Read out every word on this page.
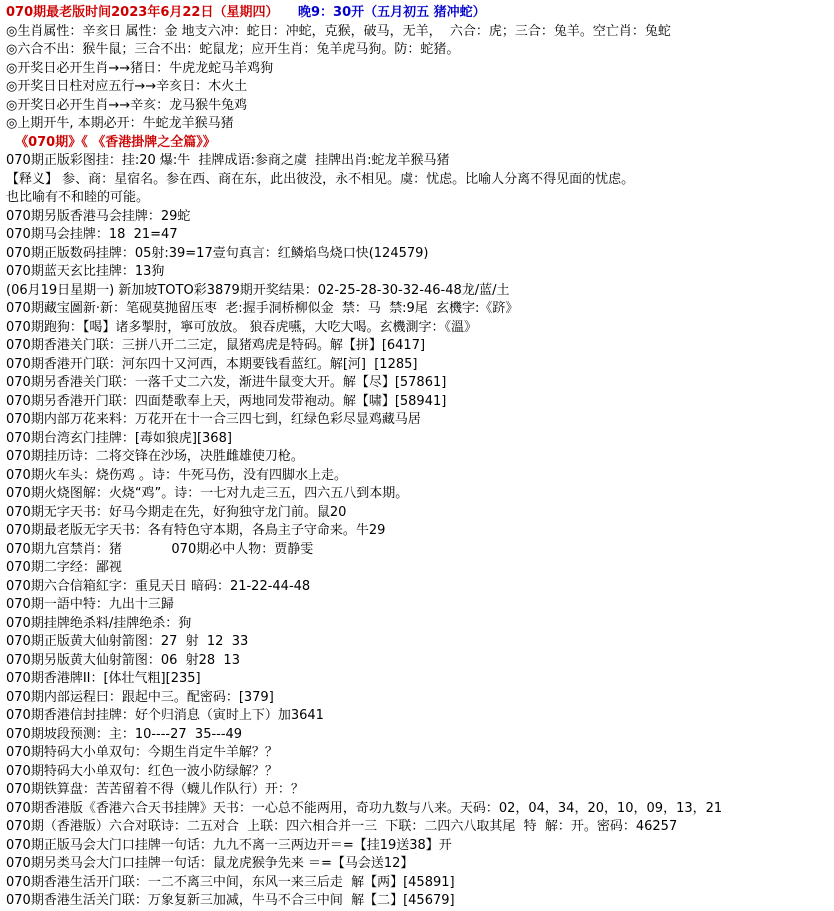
070期最老版时间2023年6月22日（星期四）　　 晚9：30开（五月初五 猪冲蛇）
◎生肖属性：辛亥日 属性：金 地支六冲：蛇日：冲蛇，克猴，破马，无羊，  六合：虎；三合：兔羊。空亡肖：兔蛇
◎六合不出：猴牛鼠；三合不出：蛇鼠龙；应开生肖：兔羊虎马狗。防：蛇猪。
◎开奖日必开生肖→→猪日：牛虎龙蛇马羊鸡狗
◎开奖日日柱对应五行→→辛亥日：木火土
◎开奖日必开生肖→→辛亥：龙马猴牛兔鸡
◎上期开牛, 本期必开：牛蛇龙羊猴马猪
《070期》《 《香港掛牌之全篇》》
070期正版彩图挂：挂:20 爆:牛  挂牌成语:参商之虞  挂牌出肖:蛇龙羊猴马猪
【释义】 参、商：星宿名。参在西、商在东，此出彼没，永不相见。虞：忧虑。比喻人分离不得见面的忧虑。
也比喻有不和睦的可能。
070期另版香港马会挂牌：29蛇
070期马会挂牌：18  21=47
070期正版数码挂牌：05射:39=17壹句真言：红鳞焰鸟烧口快(124579)
070期蓝天玄比挂牌：13狗
(06月19日星期一) 新加坡TOTO彩3879期开奖结果：02-25-28-30-32-46-48龙/蓝/土
070期藏宝圖新·新：笔砚莫抛留压枣  老:握手洞桥柳似金  禁：马  禁:9尾  玄機字:《跻》
070期跑狗：【喝】诸多掣肘，寧可放放。 狼吞虎嚥，大吃大喝。玄機測字：《溫》
070期香港关门联：三拼八开二三定，鼠猪鸡虎是特码。解【拼】[6417]
070期香港开门联：河东四十又河西，本期要钱看蓝红。解[河]  [1285]
070期另香港关门联：一落千丈二六发，渐进牛鼠变大开。解【尽】[57861]
070期另香港开门联：四面楚歌奉上天，两地同发带袍动。解【啸】[58941]
070期内部万花来料：万花开在十一合三四七到，红绿色彩尽显鸡藏马居
070期台湾玄门挂牌：[毒如狼虎][368]
070期挂历诗：二将交锋在沙场，决胜雌雄使刀枪。
070期火车头：烧伤鸡 。诗：牛死马伤，没有四脚水上走。
070期火烧图解：火烧“鸡”。诗：一七对九走三五，四六五八到本期。
070期无字天书：好马今期走在先，好狗独守龙门前。鼠20
070期最老版无字天书：各有特色守本期，各鳥主子守命来。牛29
070期九宫禁肖：猪            070期必中人物：贾静雯
070期二字经：鄙视
070期六合信箱紅字：重見天日 暗码：21-22-44-48
070期一語中特：九出十三歸
070期挂牌绝杀料/挂牌绝杀：狗
070期正版黄大仙射箭图：27  射  12  33
070期另版黄大仙射箭图：06  射28  13
070期香港牌II：[体壮气粗][235]
070期内部运程曰：跟起中三。配密码：[379]
070期香港信封挂牌：好个归消息（寅时上下）加3641
070期坡段预测：主：10----27  35---49
070期特码大小单双句：今期生肖定牛羊解？？
070期特码大小单双句：红色一波小防绿解？？
070期铁算盘：苦苦留着不得（蠛儿作队行）开：？
070期香港版《香港六合天书挂牌》天书：一心总不能两用，奇功九数与八来。天码：02，04，34，20，10，09，13，21
070期（香港版）六合对联诗：二五对合  上联：四六相合并一三  下联：二四六八取其尾  特  解：开。密码：46257
070期正版马会大门口挂牌一句话：九九不离一三两边开＝=【挂19送38】开
070期另类马会大门口挂牌一句话：鼠龙虎猴争先来 ＝=【马会送12】
070期香港生活开门联：一二不离三中间，东风一来三后走  解【两】[45891]
070期香港生活关门联：万象复新三加减，牛马不合三中间  解【二】[45679]
